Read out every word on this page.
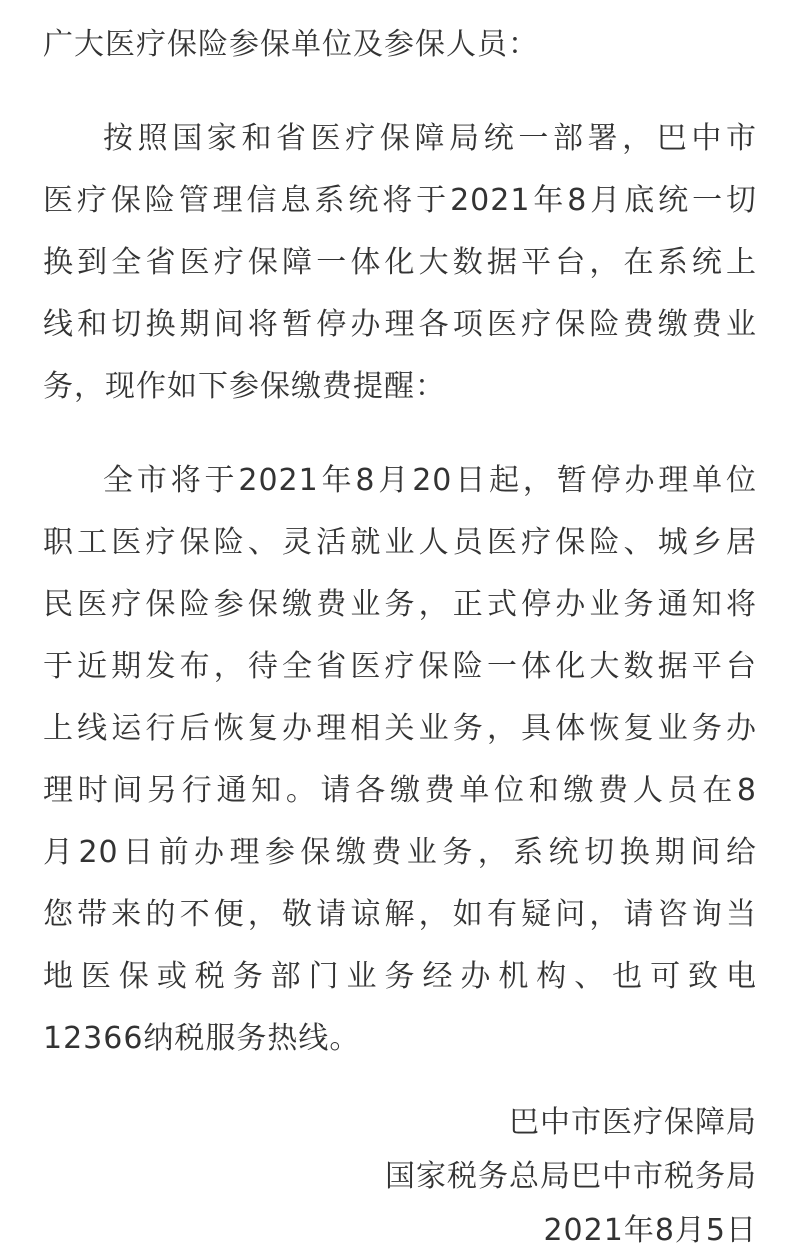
广大医疗保险参保单位及参保人员：
按照国家和省医疗保障局统一部署，巴中市
医疗保险管理信息系统将于2021年8月底统一切
换到全省医疗保障一体化大数据平台，在系统上
线和切换期间将暂停办理各项医疗保险费缴费业
务，现作如下参保缴费提醒：
全市将于2021年8月20日起，暂停办理单位
职工医疗保险、灵活就业人员医疗保险、城乡居
民医疗保险参保缴费业务，正式停办业务通知将
于近期发布，待全省医疗保险一体化大数据平台
上线运行后恢复办理相关业务，具体恢复业务办
理时间另行通知。请各缴费单位和缴费人员在8
月20日前办理参保缴费业务，系统切换期间给
您带来的不便，敬请谅解，如有疑问，请咨询当
地医保或税务部门业务经办机构、也可致电
12366纳税服务热线。
巴中市医疗保障局
国家税务总局巴中市税务局
2021年8月5日
